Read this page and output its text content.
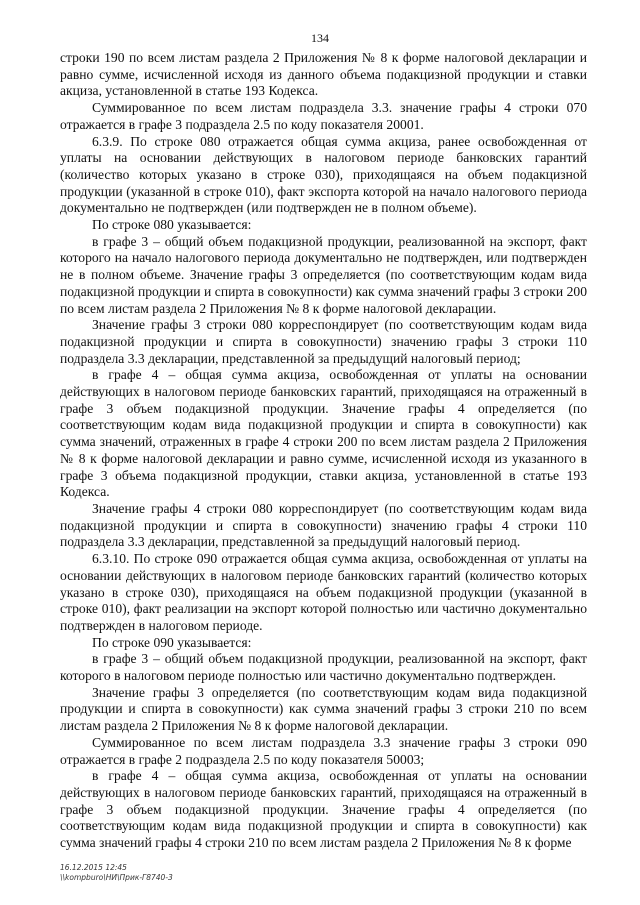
134

строки 190 по всем листам раздела 2 Приложения № 8 к форме налоговой декларации и равно сумме, исчисленной исходя из данного объема подакцизной продукции и ставки акциза, установленной в статье 193 Кодекса.

Суммированное по всем листам подраздела 3.3. значение графы 4 строки 070 отражается в графе 3 подраздела 2.5 по коду показателя 20001.

6.3.9. По строке 080 отражается общая сумма акциза, ранее освобожденная от уплаты на основании действующих в налоговом периоде банковских гарантий (количество которых указано в строке 030), приходящаяся на объем подакцизной продукции (указанной в строке 010), факт экспорта которой на начало налогового периода документально не подтвержден (или подтвержден не в полном объеме).

По строке 080 указывается:

в графе 3 – общий объем подакцизной продукции, реализованной на экспорт, факт которого на начало налогового периода документально не подтвержден, или подтвержден не в полном объеме. Значение графы 3 определяется (по соответствующим кодам вида подакцизной продукции и спирта в совокупности) как сумма значений графы 3 строки 200 по всем листам раздела 2 Приложения № 8 к форме налоговой декларации.

Значение графы 3 строки 080 корреспондирует (по соответствующим кодам вида подакцизной продукции и спирта в совокупности) значению графы 3 строки 110 подраздела 3.3 декларации, представленной за предыдущий налоговый период;

в графе 4 – общая сумма акциза, освобожденная от уплаты на основании действующих в налоговом периоде банковских гарантий, приходящаяся на отраженный в графе 3 объем подакцизной продукции. Значение графы 4 определяется (по соответствующим кодам вида подакцизной продукции и спирта в совокупности) как сумма значений, отраженных в графе 4 строки 200 по всем листам раздела 2 Приложения № 8 к форме налоговой декларации и равно сумме, исчисленной исходя из указанного в графе 3 объема подакцизной продукции, ставки акциза, установленной в статье 193 Кодекса.

Значение графы 4 строки 080 корреспондирует (по соответствующим кодам вида подакцизной продукции и спирта в совокупности) значению графы 4 строки 110 подраздела 3.3 декларации, представленной за предыдущий налоговый период.

6.3.10. По строке 090 отражается общая сумма акциза, освобожденная от уплаты на основании действующих в налоговом периоде банковских гарантий (количество которых указано в строке 030), приходящаяся на объем подакцизной продукции (указанной в строке 010), факт реализации на экспорт которой полностью или частично документально подтвержден в налоговом периоде.

По строке 090 указывается:

в графе 3 – общий объем подакцизной продукции, реализованной на экспорт, факт которого в налоговом периоде полностью или частично документально подтвержден.

Значение графы 3 определяется (по соответствующим кодам вида подакцизной продукции и спирта в совокупности) как сумма значений графы 3 строки 210 по всем листам раздела 2 Приложения № 8 к форме налоговой декларации.

Суммированное по всем листам подраздела 3.3 значение графы 3 строки 090 отражается в графе 2 подраздела 2.5 по коду показателя 50003;

в графе 4 – общая сумма акциза, освобожденная от уплаты на основании действующих в налоговом периоде банковских гарантий, приходящаяся на отраженный в графе 3 объем подакцизной продукции. Значение графы 4 определяется (по соответствующим кодам вида подакцизной продукции и спирта в совокупности) как сумма значений графы 4 строки 210 по всем листам раздела 2 Приложения № 8 к форме

16.12.2015 12:45
\\kompburo\НИ\Прик-Г8740-3
